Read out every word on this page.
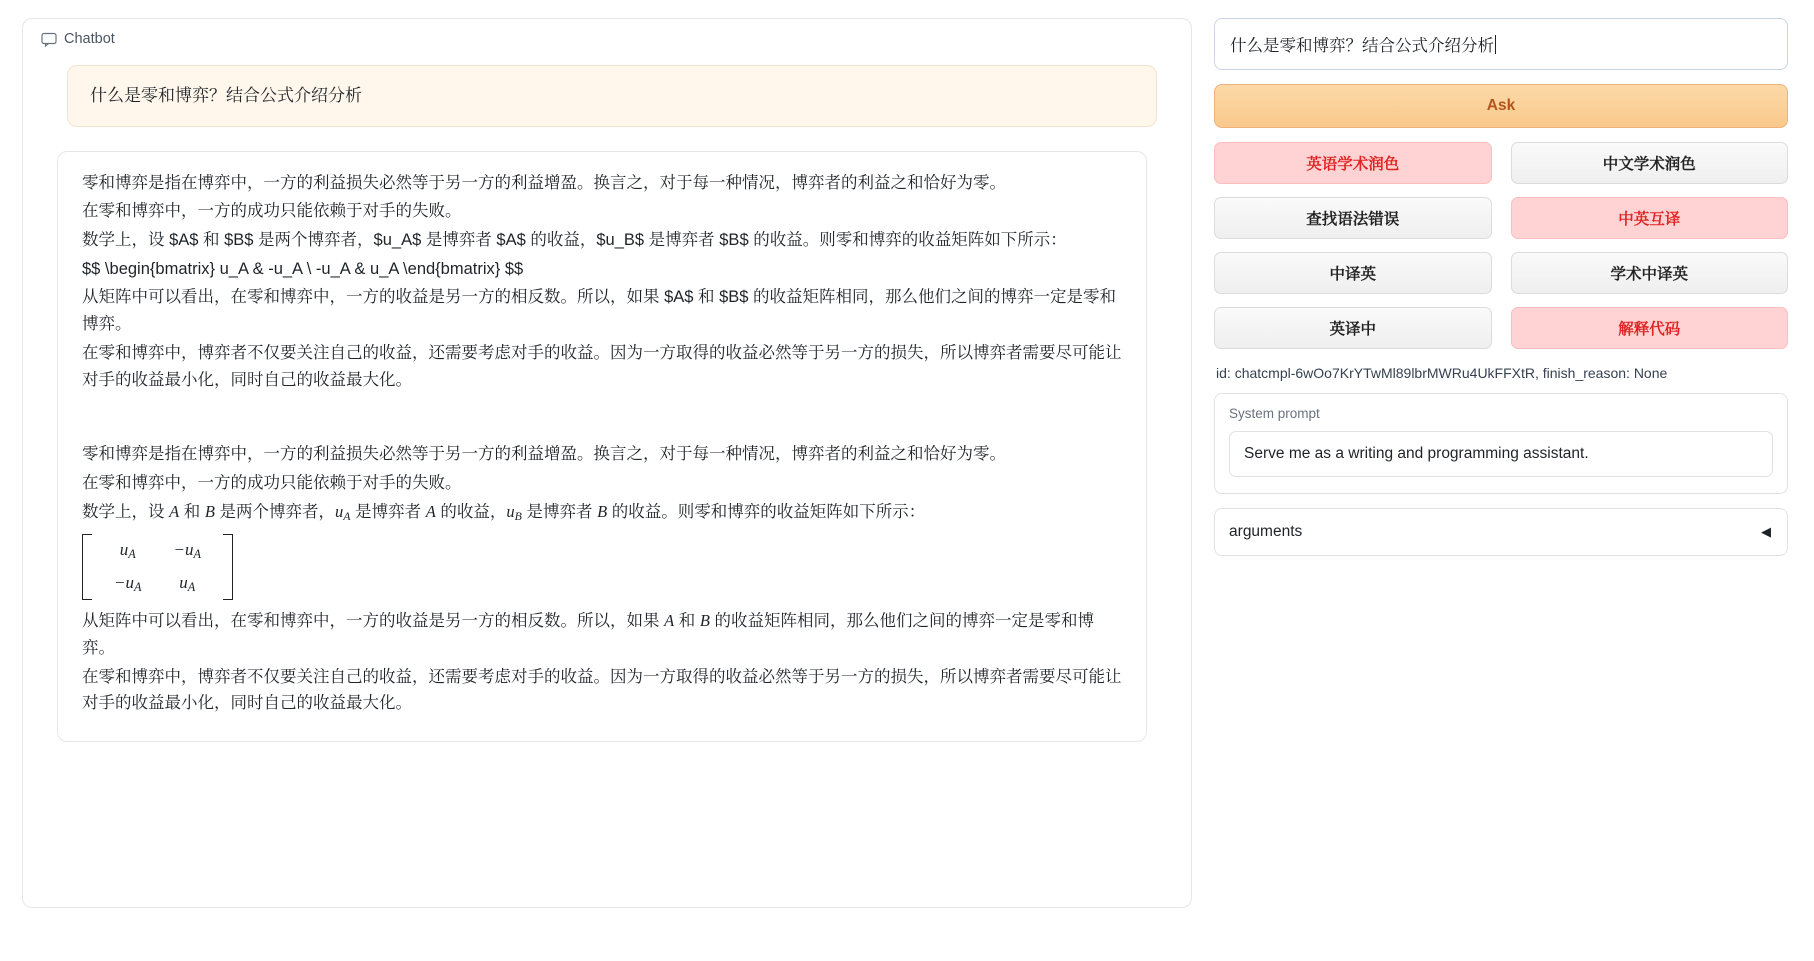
Chatbot
什么是零和博弈？结合公式介绍分析

零和博弈是指在博弈中，一方的利益损失必然等于另一方的利益增盈。换言之，对于每一种情况，博弈者的利益之和恰好为零。

在零和博弈中，一方的成功只能依赖于对手的失败。

数学上，设 $A$ 和 $B$ 是两个博弈者，$u_A$ 是博弈者 $A$ 的收益，$u_B$ 是博弈者 $B$ 的收益。则零和博弈的收益矩阵如下所示：

$$ \begin{bmatrix} u_A & -u_A \ -u_A & u_A \end{bmatrix} $$

从矩阵中可以看出，在零和博弈中，一方的收益是另一方的相反数。所以，如果 $A$ 和 $B$ 的收益矩阵相同，那么他们之间的博弈一定是零和博弈。

在零和博弈中，博弈者不仅要关注自己的收益，还需要考虑对手的收益。因为一方取得的收益必然等于另一方的损失，所以博弈者需要尽可能让对手的收益最小化，同时自己的收益最大化。

零和博弈是指在博弈中，一方的利益损失必然等于另一方的利益增盈。换言之，对于每一种情况，博弈者的利益之和恰好为零。

在零和博弈中，一方的成功只能依赖于对手的失败。

数学上，设 A 和 B 是两个博弈者，$u_A$ 是博弈者 A 的收益，$u_B$ 是博弈者 B 的收益。则零和博弈的收益矩阵如下所示：

$u_A$	$-u_A$
$-u_A$	$u_A$

从矩阵中可以看出，在零和博弈中，一方的收益是另一方的相反数。所以，如果 A 和 B 的收益矩阵相同，那么他们之间的博弈一定是零和博弈。

在零和博弈中，博弈者不仅要关注自己的收益，还需要考虑对手的收益。因为一方取得的收益必然等于另一方的损失，所以博弈者需要尽可能让对手的收益最小化，同时自己的收益最大化。

什么是零和博弈？结合公式介绍分析
Ask
英语学术润色	中文学术润色
查找语法错误	中英互译
中译英	学术中译英
英译中	解释代码
id: chatcmpl-6wOo7KrYTwMl89lbrMWRu4UkFFXtR, finish_reason: None
System prompt
Serve me as a writing and programming assistant.
arguments	◀
